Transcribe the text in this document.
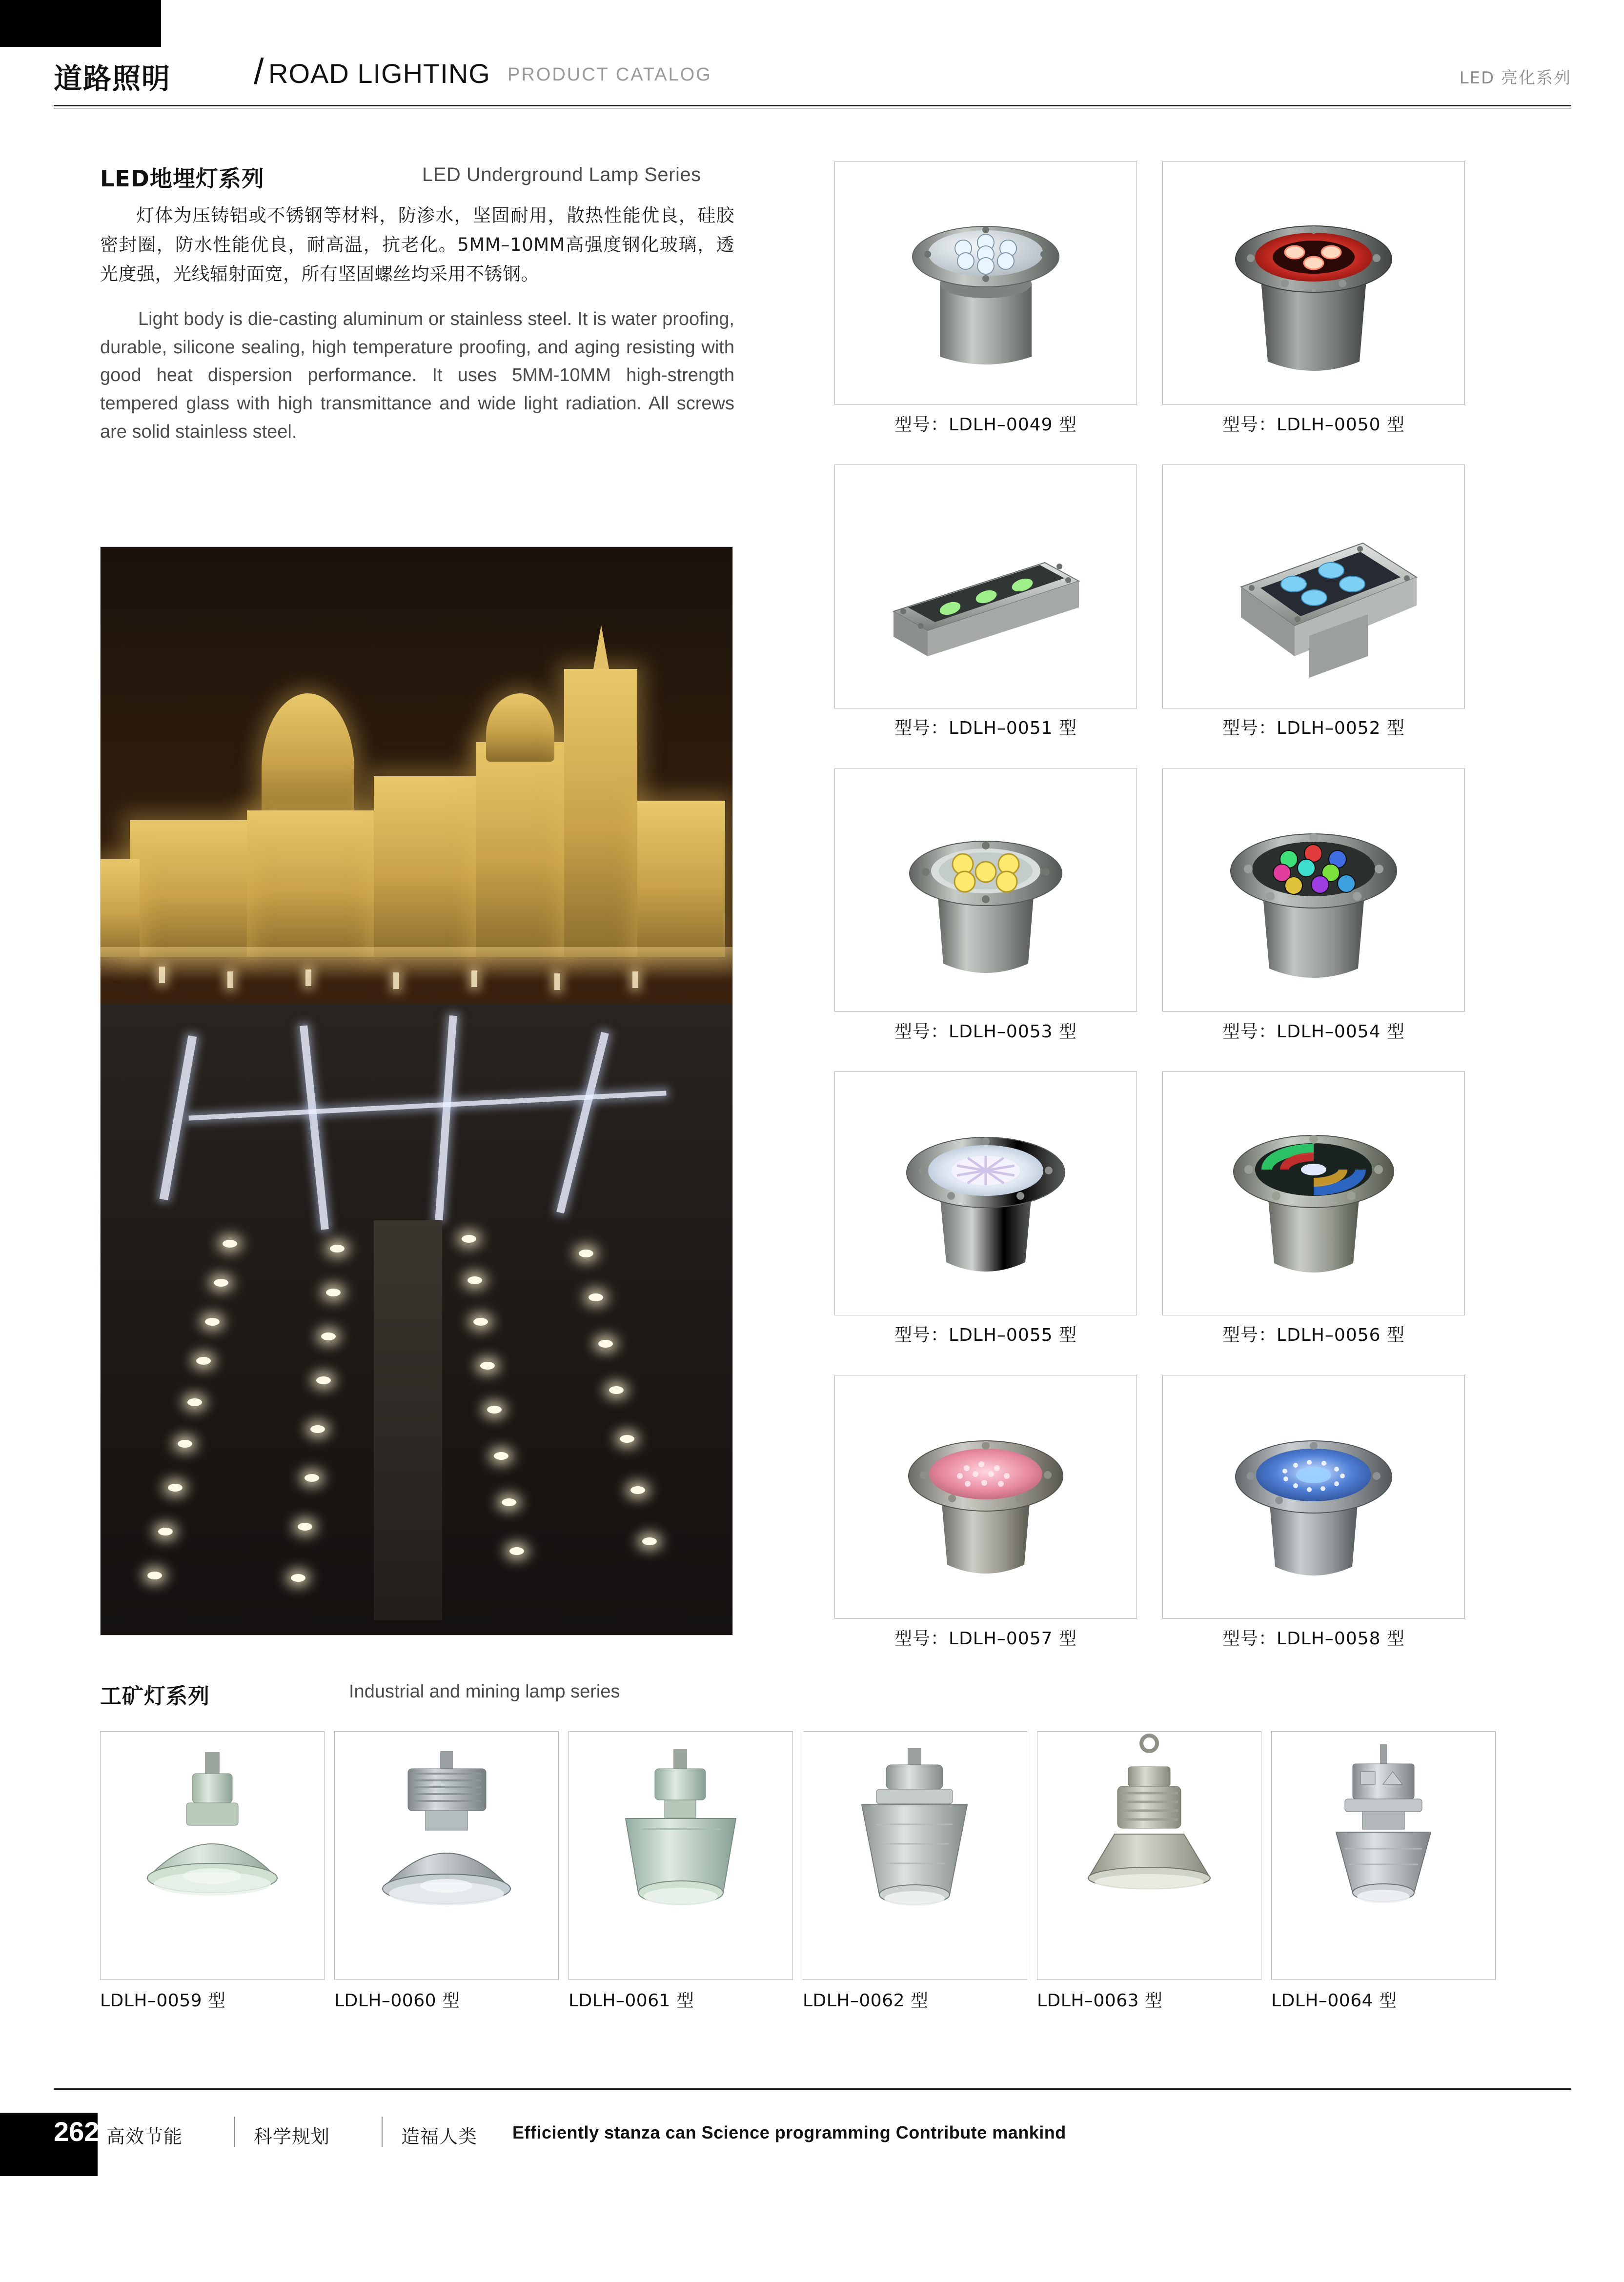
道路照明 / ROAD LIGHTING PRODUCT CATALOG	LED 亮化系列
LED地埋灯系列	LED Underground Lamp Series

灯体为压铸铝或不锈钢等材料，防渗水，坚固耐用，散热性能优良，硅胶密封圈，防水性能优良，耐高温，抗老化。5MM–10MM高强度钢化玻璃，透光度强，光线辐射面宽，所有坚固螺丝均采用不锈钢。

Light body is die-casting aluminum or stainless steel. It is water proofing, durable, silicone sealing, high temperature proofing, and aging resisting with good heat dispersion performance. It uses 5MM-10MM high-strength tempered glass with high transmittance and wide light radiation. All screws are solid stainless steel.	型号：LDLH–0049 型	型号：LDLH–0050 型
型号：LDLH–0051 型	型号：LDLH–0052 型
型号：LDLH–0053 型	型号：LDLH–0054 型
型号：LDLH–0055 型	型号：LDLH–0056 型
型号：LDLH–0057 型	型号：LDLH–0058 型
工矿灯系列	Industrial and mining lamp series
LDLH–0059 型	LDLH–0060 型	LDLH–0061 型	LDLH–0062 型	LDLH–0063 型	LDLH–0064 型
262 高效节能	科学规划	造福人类 Efficiently stanza can Science programming Contribute mankind
